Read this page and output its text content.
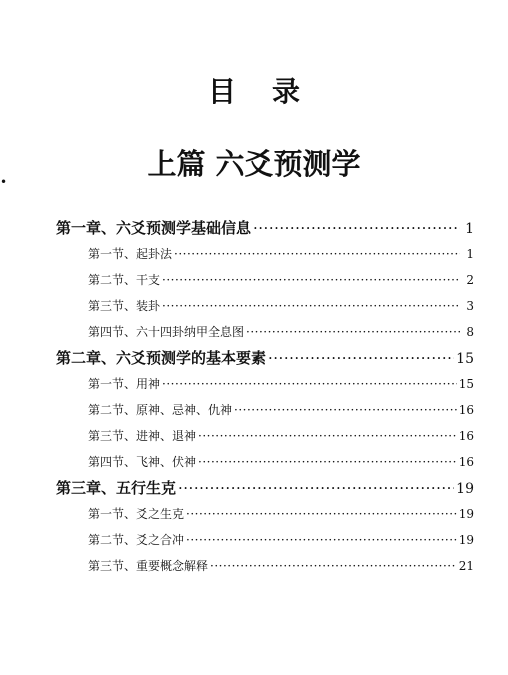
目录
上篇 六爻预测学
•
第一章、六爻预测学基础信息 ·····	1
第一节、起卦法 ·····	1
第二节、干支 ·····	2
第三节、装卦 ·····	3
第四节、六十四卦纳甲全息图 ·····	8
第二章、六爻预测学的基本要素 ·····	15
第一节、用神 ·····	15
第二节、原神、忌神、仇神 ·····	16
第三节、进神、退神 ·····	16
第四节、飞神、伏神 ·····	16
第三章、五行生克 ·····	19
第一节、爻之生克 ·····	19
第二节、爻之合冲 ·····	19
第三节、重要概念解释 ·····	21
